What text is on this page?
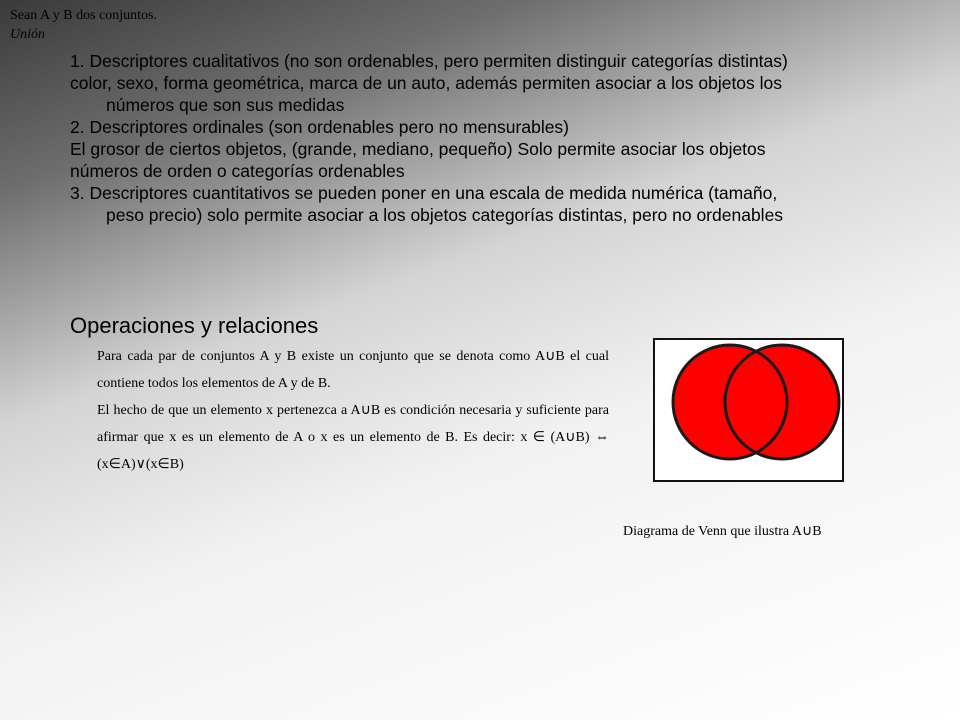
Sean A y B dos conjuntos.
Unión
1. Descriptores cualitativos (no son ordenables, pero permiten distinguir categorías distintas)
color, sexo, forma geométrica, marca de un auto, además permiten asociar a los objetos los
números que son sus medidas
2. Descriptores ordinales (son ordenables pero no mensurables)
El grosor de ciertos objetos, (grande, mediano, pequeño) Solo permite asociar los objetos
números de orden o categorías ordenables
3. Descriptores cuantitativos se pueden poner en una escala de medida numérica (tamaño,
peso precio) solo permite asociar a los objetos categorías distintas, pero no ordenables
Operaciones y relaciones

Para cada par de conjuntos A y B existe un conjunto que se denota como A∪B el cual contiene todos los elementos de A y de B.

El hecho de que un elemento x pertenezca a A∪B es condición necesaria y suficiente para afirmar que x es un elemento de A o x es un elemento de B. Es decir: x ∈ (A∪B) ⇔ (x∈A)∨(x∈B)

Diagrama de Venn que ilustra A∪B
